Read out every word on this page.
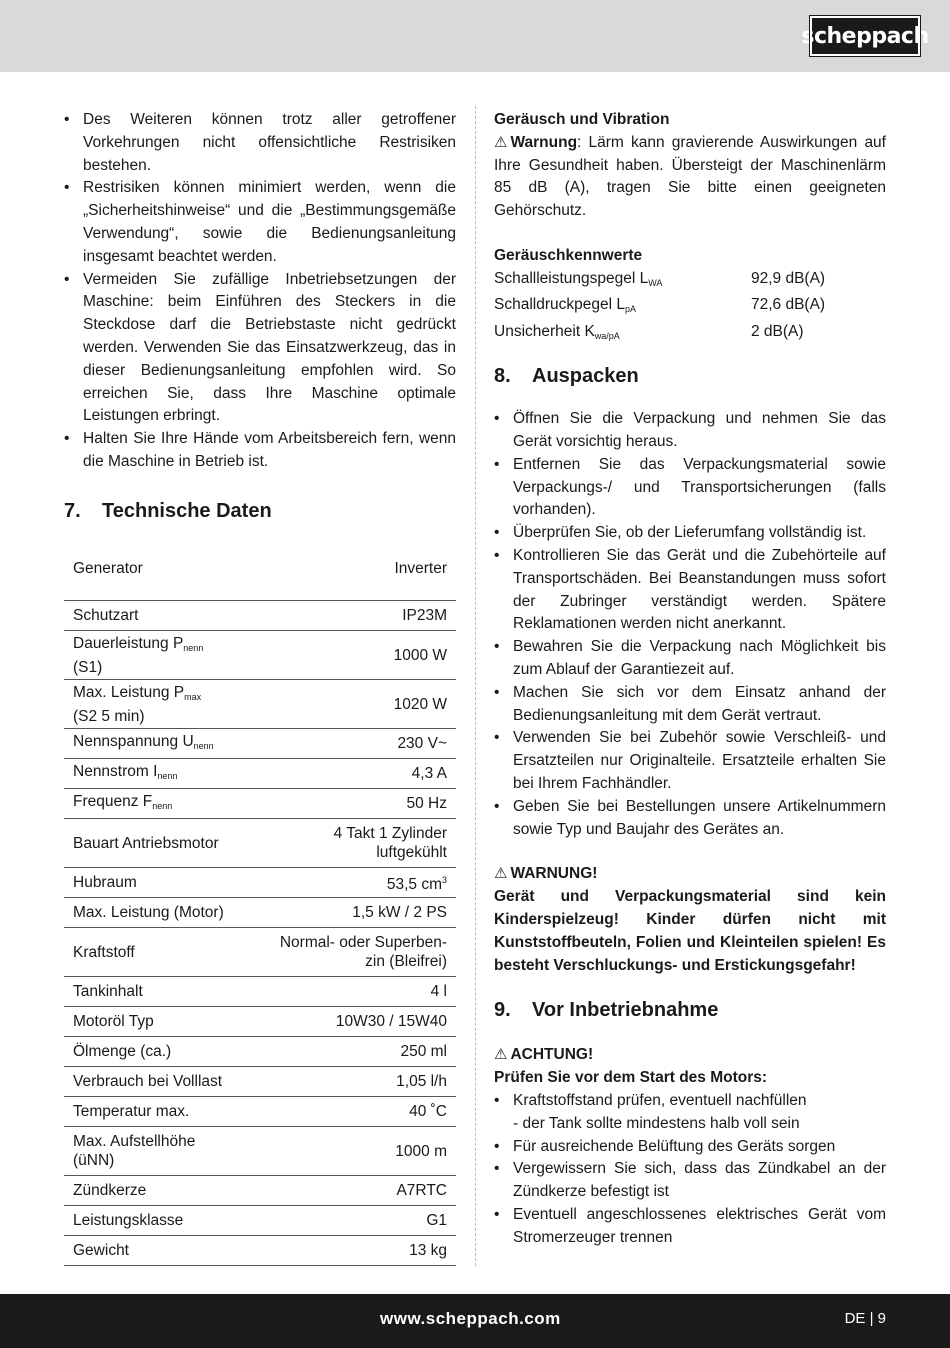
scheppach
• Des Weiteren können trotz aller getroffener Vorkehrungen nicht offensichtliche Restrisiken bestehen.
• Restrisiken können minimiert werden, wenn die „Sicherheitshinweise“ und die „Bestimmungsgemäße Verwendung“, sowie die Bedienungsanleitung insgesamt beachtet werden.
• Vermeiden Sie zufällige Inbetriebsetzungen der Maschine: beim Einführen des Steckers in die Steckdose darf die Betriebstaste nicht gedrückt werden. Verwenden Sie das Einsatzwerkzeug, das in dieser Bedienungsanleitung empfohlen wird. So erreichen Sie, dass Ihre Maschine optimale Leistungen erbringt.
• Halten Sie Ihre Hände vom Arbeitsbereich fern, wenn die Maschine in Betrieb ist.
7.	Technische Daten
Generator	Inverter
Schutzart	IP23M
Dauerleistung $P_{nenn}$
(S1)	1000 W
Max. Leistung $P_{max}$
(S2 5 min)	1020 W
Nennspannung $U_{nenn}$	230 V~
Nennstrom $I_{nenn}$	4,3 A
Frequenz $F_{nenn}$	50 Hz
Bauart Antriebsmotor	4 Takt 1 Zylinder
luftgekühlt
Hubraum	53,5 $cm^3$
Max. Leistung (Motor)	1,5 kW / 2 PS
Kraftstoff	Normal- oder Superben-
zin (Bleifrei)
Tankinhalt	4 l
Motoröl Typ	10W30 / 15W40
Ölmenge (ca.)	250 ml
Verbrauch bei Volllast	1,05 l/h
Temperatur max.	40 ˚C
Max. Aufstellhöhe
(üNN)	1000 m
Zündkerze	A7RTC
Leistungsklasse	G1
Gewicht	13 kg

Geräusch und Vibration

⚠ Warnung: Lärm kann gravierende Auswirkungen auf Ihre Gesundheit haben. Übersteigt der Maschinenlärm 85 dB (A), tragen Sie bitte einen geeigneten Gehörschutz.

Geräuschkennwerte

Schallleistungspegel $L_{WA}$	92,9 dB(A)
Schalldruckpegel $L_{pA}$	72,6 dB(A)
Unsicherheit $K_{wa/pA}$	2 dB(A)
8.	Auspacken
• Öffnen Sie die Verpackung und nehmen Sie das Gerät vorsichtig heraus.
• Entfernen Sie das Verpackungsmaterial sowie Verpackungs-/ und Transportsicherungen (falls vorhanden).
• Überprüfen Sie, ob der Lieferumfang vollständig ist.
• Kontrollieren Sie das Gerät und die Zubehörteile auf Transportschäden. Bei Beanstandungen muss sofort der Zubringer verständigt werden. Spätere Reklamationen werden nicht anerkannt.
• Bewahren Sie die Verpackung nach Möglichkeit bis zum Ablauf der Garantiezeit auf.
• Machen Sie sich vor dem Einsatz anhand der Bedienungsanleitung mit dem Gerät vertraut.
• Verwenden Sie bei Zubehör sowie Verschleiß- und Ersatzteilen nur Originalteile. Ersatzteile erhalten Sie bei Ihrem Fachhändler.
• Geben Sie bei Bestellungen unsere Artikelnummern sowie Typ und Baujahr des Gerätes an.

⚠ WARNUNG!

Gerät und Verpackungsmaterial sind kein Kinderspielzeug! Kinder dürfen nicht mit Kunststoffbeuteln, Folien und Kleinteilen spielen! Es besteht Verschluckungs- und Erstickungsgefahr!

9.	Vor Inbetriebnahme

⚠ ACHTUNG!

Prüfen Sie vor dem Start des Motors:

• Kraftstoffstand prüfen, eventuell nachfüllen
- der Tank sollte mindestens halb voll sein
• Für ausreichende Belüftung des Geräts sorgen
• Vergewissern Sie sich, dass das Zündkabel an der Zündkerze befestigt ist
• Eventuell angeschlossenes elektrisches Gerät vom Stromerzeuger trennen
www.scheppach.com	DE | 9
